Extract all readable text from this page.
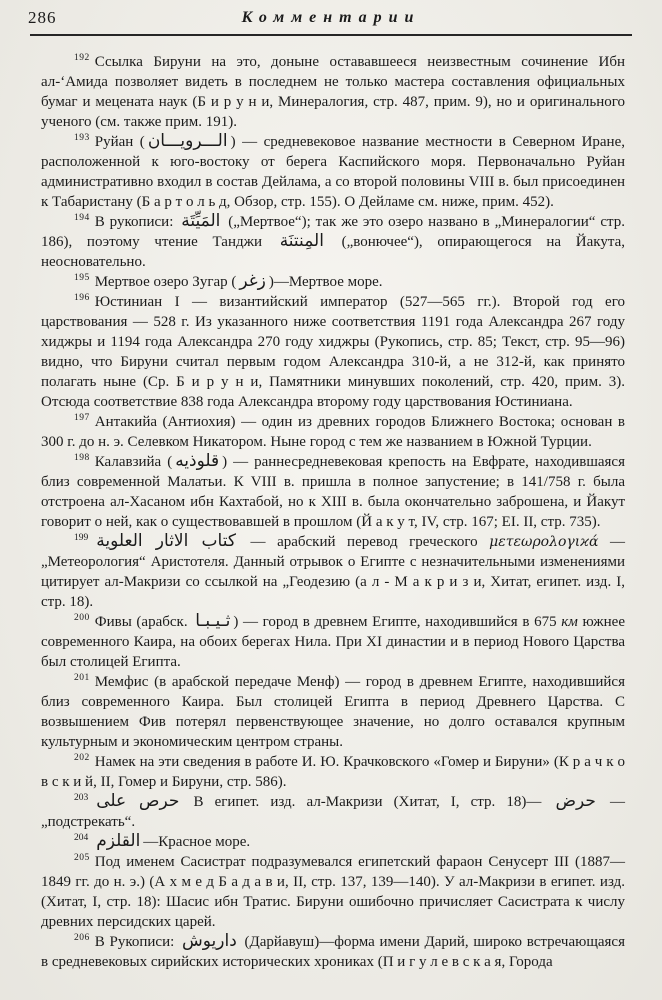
286	Комментарии

$^{192}$ Ссылка Бируни на это, доныне остававшееся неизвестным сочинение Ибн ал-‘Амида позволяет видеть в последнем не только мастера составления официальных бумаг и мецената наук (Б и р у н и, Минералогия, стр. 487, прим. 9), но и оригинального ученого (см. также прим. 191).

$^{193}$ Руйан ( الـــرويـــان ) — средневековое название местности в Северном Иране, расположенной к юго-востоку от берега Каспийского моря. Первоначально Руйан административно входил в состав Дейлама, а со второй половины VIII в. был присоединен к Табаристану (Б а р т о л ь д, Обзор, стр. 155). О Дейламе см. ниже, прим. 452).

$^{194}$ В рукописи: المَيِّتَة („Мертвое“); так же это озеро названо в „Минералогии“ стр. 186), поэтому чтение Танджи المِنتنَة („вонючее“), опирающегося на Йакута, неосновательно.

$^{195}$ Мертвое озеро Зугар ( زغر )—Мертвое море.

$^{196}$ Юстиниан I — византийский император (527—565 гг.). Второй год его царствования — 528 г. Из указанного ниже соответствия 1191 года Александра 267 году хиджры и 1194 года Александра 270 году хиджры (Рукопись, стр. 85; Текст, стр. 95—96) видно, что Бируни считал первым годом Александра 310-й, а не 312-й, как принято полагать ныне (Ср. Б и р у н и, Памятники минувших поколений, стр. 420, прим. 3). Отсюда соответствие 838 года Александра второму году царствования Юстиниана.

$^{197}$ Антакийа (Антиохия) — один из древних городов Ближнего Востока; основан в 300 г. до н. э. Селевком Никатором. Ныне город с тем же названием в Южной Турции.

$^{198}$ Калавзийа ( قلوذيه ) — раннесредневековая крепость на Евфрате, находившаяся близ современной Малатьи. К VIII в. пришла в полное запустение; в 141/758 г. была отстроена ал-Хасаном ибн Кахтабой, но к XIII в. была окончательно заброшена, и Йакут говорит о ней, как о существовавшей в прошлом (Й а к у т, IV, стр. 167; EI. II, стр. 735).

$^{199}$ كتاب الاثار العلوية — арабский перевод греческого μετεωρολογιϰά — „Метеорология“ Аристотеля. Данный отрывок о Египте с незначительными изменениями цитирует ал-Макризи со ссылкой на „Геодезию (а л - М а к р и з и, Хитат, египет. изд. I, стр. 18).

$^{200}$ Фивы (арабск. ثـيـبـا ) — город в древнем Египте, находившийся в 675 км южнее современного Каира, на обоих берегах Нила. При XI династии и в период Нового Царства был столицей Египта.

$^{201}$ Мемфис (в арабской передаче Менф) — город в древнем Египте, находившийся близ современного Каира. Был столицей Египта в период Древнего Царства. С возвышением Фив потерял первенствующее значение, но долго оставался крупным культурным и экономическим центром страны.

$^{202}$ Намек на эти сведения в работе И. Ю. Крачковского «Гомер и Бируни» (К р а ч к о в с к и й, II, Гомер и Бируни, стр. 586).

$^{203}$ حرص على В египет. изд. ал-Макризи (Хитат, I, стр. 18)— حرض —„подстрекать“.

$^{204}$ القلزم —Красное море.

$^{205}$ Под именем Сасистрат подразумевался египетский фараон Сенусерт III (1887—1849 гг. до н. э.) (А х м е д Б а д а в и, II, стр. 137, 139—140). У ал-Макризи в египет. изд. (Хитат, I, стр. 18): Шасис ибн Тратис. Бируни ошибочно причисляет Сасистрата к числу древних персидских царей.

$^{206}$ В Рукописи: داريوش (Дарйавуш)—форма имени Дарий, широко встречающаяся в средневековых сирийских исторических хрониках (П и г у л е в с к а я, Города
